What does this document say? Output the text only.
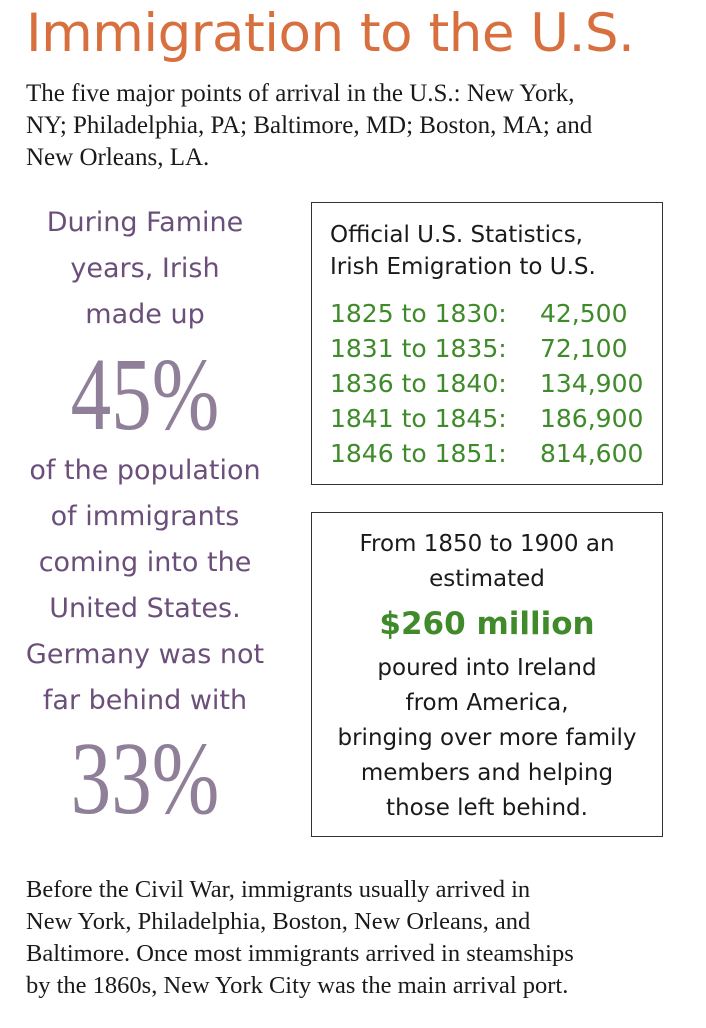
Immigration to the U.S.
The five major points of arrival in the U.S.: New York,
NY; Philadelphia, PA; Baltimore, MD; Boston, MA; and
New Orleans, LA.
During Famine
years, Irish
made up
45%
of the population
of immigrants
coming into the
United States.
Germany was not
far behind with
33%
Official U.S. Statistics,
Irish Emigration to U.S.
1825 to 1830: 42,500
1831 to 1835: 72,100
1836 to 1840: 134,900
1841 to 1845: 186,900
1846 to 1851: 814,600
From 1850 to 1900 an
estimated
$260 million
poured into Ireland
from America,
bringing over more family
members and helping
those left behind.
Before the Civil War, immigrants usually arrived in
New York, Philadelphia, Boston, New Orleans, and
Baltimore. Once most immigrants arrived in steamships
by the 1860s, New York City was the main arrival port.
